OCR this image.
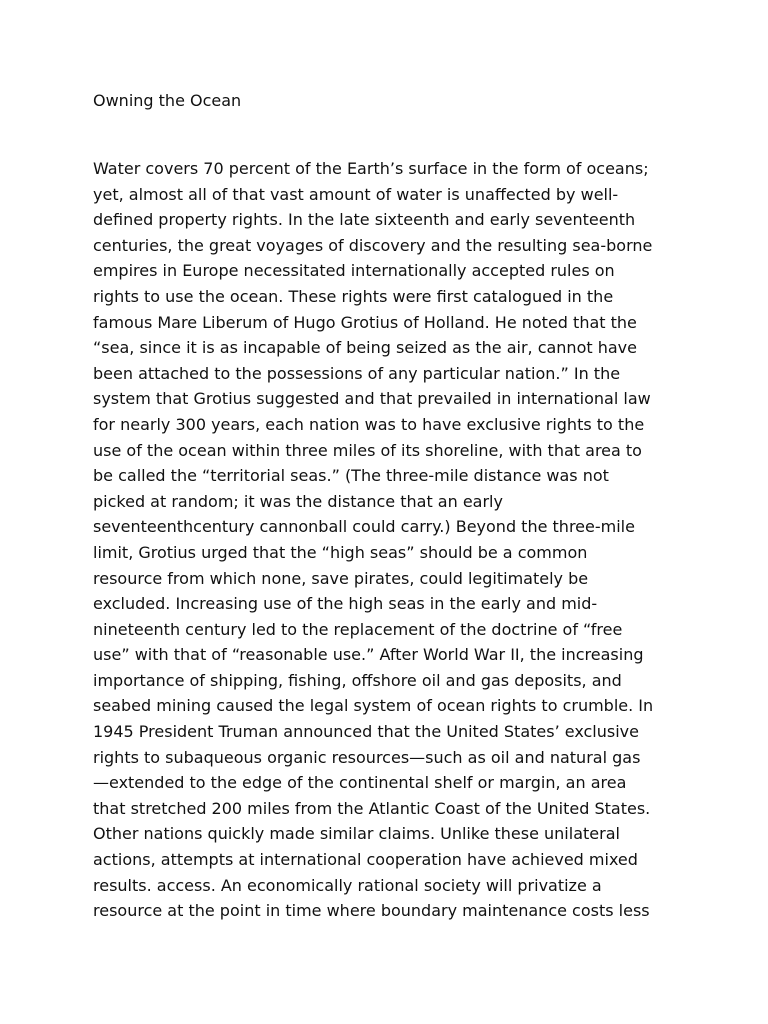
Owning the Ocean
Water covers 70 percent of the Earth’s surface in the form of oceans;
yet, almost all of that vast amount of water is unaffected by well-
defined property rights. In the late sixteenth and early seventeenth
centuries, the great voyages of discovery and the resulting sea-borne
empires in Europe necessitated internationally accepted rules on
rights to use the ocean. These rights were first catalogued in the
famous Mare Liberum of Hugo Grotius of Holland. He noted that the
“sea, since it is as incapable of being seized as the air, cannot have
been attached to the possessions of any particular nation.” In the
system that Grotius suggested and that prevailed in international law
for nearly 300 years, each nation was to have exclusive rights to the
use of the ocean within three miles of its shoreline, with that area to
be called the “territorial seas.” (The three-mile distance was not
picked at random; it was the distance that an early
seventeenthcentury cannonball could carry.) Beyond the three-mile
limit, Grotius urged that the “high seas” should be a common
resource from which none, save pirates, could legitimately be
excluded. Increasing use of the high seas in the early and mid-
nineteenth century led to the replacement of the doctrine of “free
use” with that of “reasonable use.” After World War II, the increasing
importance of shipping, fishing, offshore oil and gas deposits, and
seabed mining caused the legal system of ocean rights to crumble. In
1945 President Truman announced that the United States’ exclusive
rights to subaqueous organic resources—such as oil and natural gas
—extended to the edge of the continental shelf or margin, an area
that stretched 200 miles from the Atlantic Coast of the United States.
Other nations quickly made similar claims. Unlike these unilateral
actions, attempts at international cooperation have achieved mixed
results. access. An economically rational society will privatize a
resource at the point in time where boundary maintenance costs less
